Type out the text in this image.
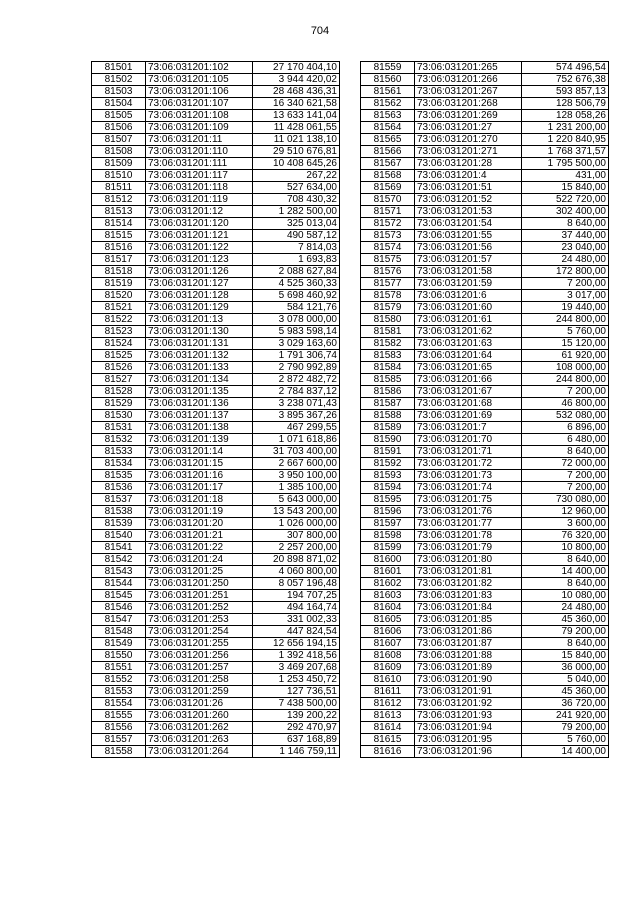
704
81501	73:06:031201:102	27 170 404,10
81502	73:06:031201:105	3 944 420,02
81503	73:06:031201:106	28 468 436,31
81504	73:06:031201:107	16 340 621,58
81505	73:06:031201:108	13 633 141,04
81506	73:06:031201:109	11 428 061,55
81507	73:06:031201:11	11 021 138,10
81508	73:06:031201:110	29 510 676,81
81509	73:06:031201:111	10 408 645,26
81510	73:06:031201:117	267,22
81511	73:06:031201:118	527 634,00
81512	73:06:031201:119	708 430,32
81513	73:06:031201:12	1 282 500,00
81514	73:06:031201:120	325 013,04
81515	73:06:031201:121	490 587,12
81516	73:06:031201:122	7 814,03
81517	73:06:031201:123	1 693,83
81518	73:06:031201:126	2 088 627,84
81519	73:06:031201:127	4 525 360,33
81520	73:06:031201:128	5 698 460,92
81521	73:06:031201:129	584 121,76
81522	73:06:031201:13	3 078 000,00
81523	73:06:031201:130	5 983 598,14
81524	73:06:031201:131	3 029 163,60
81525	73:06:031201:132	1 791 306,74
81526	73:06:031201:133	2 790 992,89
81527	73:06:031201:134	2 872 482,72
81528	73:06:031201:135	2 784 837,12
81529	73:06:031201:136	3 238 071,43
81530	73:06:031201:137	3 895 367,26
81531	73:06:031201:138	467 299,55
81532	73:06:031201:139	1 071 618,86
81533	73:06:031201:14	31 703 400,00
81534	73:06:031201:15	2 667 600,00
81535	73:06:031201:16	3 950 100,00
81536	73:06:031201:17	1 385 100,00
81537	73:06:031201:18	5 643 000,00
81538	73:06:031201:19	13 543 200,00
81539	73:06:031201:20	1 026 000,00
81540	73:06:031201:21	307 800,00
81541	73:06:031201:22	2 257 200,00
81542	73:06:031201:24	20 898 871,02
81543	73:06:031201:25	4 060 800,00
81544	73:06:031201:250	8 057 196,48
81545	73:06:031201:251	194 707,25
81546	73:06:031201:252	494 164,74
81547	73:06:031201:253	331 002,33
81548	73:06:031201:254	447 824,54
81549	73:06:031201:255	12 656 194,15
81550	73:06:031201:256	1 392 418,56
81551	73:06:031201:257	3 469 207,68
81552	73:06:031201:258	1 253 450,72
81553	73:06:031201:259	127 736,51
81554	73:06:031201:26	7 438 500,00
81555	73:06:031201:260	139 200,22
81556	73:06:031201:262	292 470,97
81557	73:06:031201:263	637 168,89
81558	73:06:031201:264	1 146 759,11
81559	73:06:031201:265	574 496,54
81560	73:06:031201:266	752 676,38
81561	73:06:031201:267	593 857,13
81562	73:06:031201:268	128 506,79
81563	73:06:031201:269	128 058,26
81564	73:06:031201:27	1 231 200,00
81565	73:06:031201:270	1 220 840,95
81566	73:06:031201:271	1 768 371,57
81567	73:06:031201:28	1 795 500,00
81568	73:06:031201:4	431,00
81569	73:06:031201:51	15 840,00
81570	73:06:031201:52	522 720,00
81571	73:06:031201:53	302 400,00
81572	73:06:031201:54	8 640,00
81573	73:06:031201:55	37 440,00
81574	73:06:031201:56	23 040,00
81575	73:06:031201:57	24 480,00
81576	73:06:031201:58	172 800,00
81577	73:06:031201:59	7 200,00
81578	73:06:031201:6	3 017,00
81579	73:06:031201:60	19 440,00
81580	73:06:031201:61	244 800,00
81581	73:06:031201:62	5 760,00
81582	73:06:031201:63	15 120,00
81583	73:06:031201:64	61 920,00
81584	73:06:031201:65	108 000,00
81585	73:06:031201:66	244 800,00
81586	73:06:031201:67	7 200,00
81587	73:06:031201:68	46 800,00
81588	73:06:031201:69	532 080,00
81589	73:06:031201:7	6 896,00
81590	73:06:031201:70	6 480,00
81591	73:06:031201:71	8 640,00
81592	73:06:031201:72	72 000,00
81593	73:06:031201:73	7 200,00
81594	73:06:031201:74	7 200,00
81595	73:06:031201:75	730 080,00
81596	73:06:031201:76	12 960,00
81597	73:06:031201:77	3 600,00
81598	73:06:031201:78	76 320,00
81599	73:06:031201:79	10 800,00
81600	73:06:031201:80	8 640,00
81601	73:06:031201:81	14 400,00
81602	73:06:031201:82	8 640,00
81603	73:06:031201:83	10 080,00
81604	73:06:031201:84	24 480,00
81605	73:06:031201:85	45 360,00
81606	73:06:031201:86	79 200,00
81607	73:06:031201:87	8 640,00
81608	73:06:031201:88	15 840,00
81609	73:06:031201:89	36 000,00
81610	73:06:031201:90	5 040,00
81611	73:06:031201:91	45 360,00
81612	73:06:031201:92	36 720,00
81613	73:06:031201:93	241 920,00
81614	73:06:031201:94	79 200,00
81615	73:06:031201:95	5 760,00
81616	73:06:031201:96	14 400,00
